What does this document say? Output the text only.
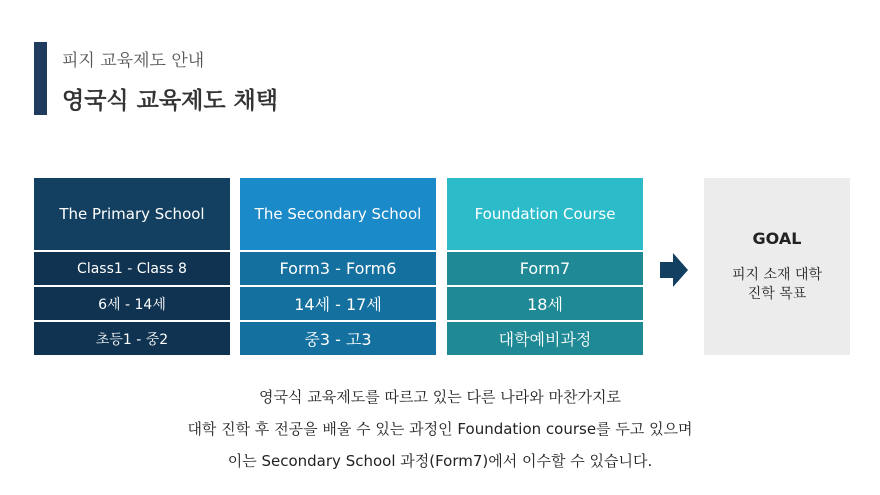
피지 교육제도 안내
영국식 교육제도 채택
The Primary School
Class1 - Class 8
6세 - 14세
초등1 - 중2
The Secondary School
Form3 - Form6
14세 - 17세
중3 - 고3
Foundation Course
Form7
18세
대학예비과정
GOAL
피지 소재 대학
진학 목표
영국식 교육제도를 따르고 있는 다른 나라와 마찬가지로
대학 진학 후 전공을 배울 수 있는 과정인 Foundation course를 두고 있으며
이는 Secondary School 과정(Form7)에서 이수할 수 있습니다.
